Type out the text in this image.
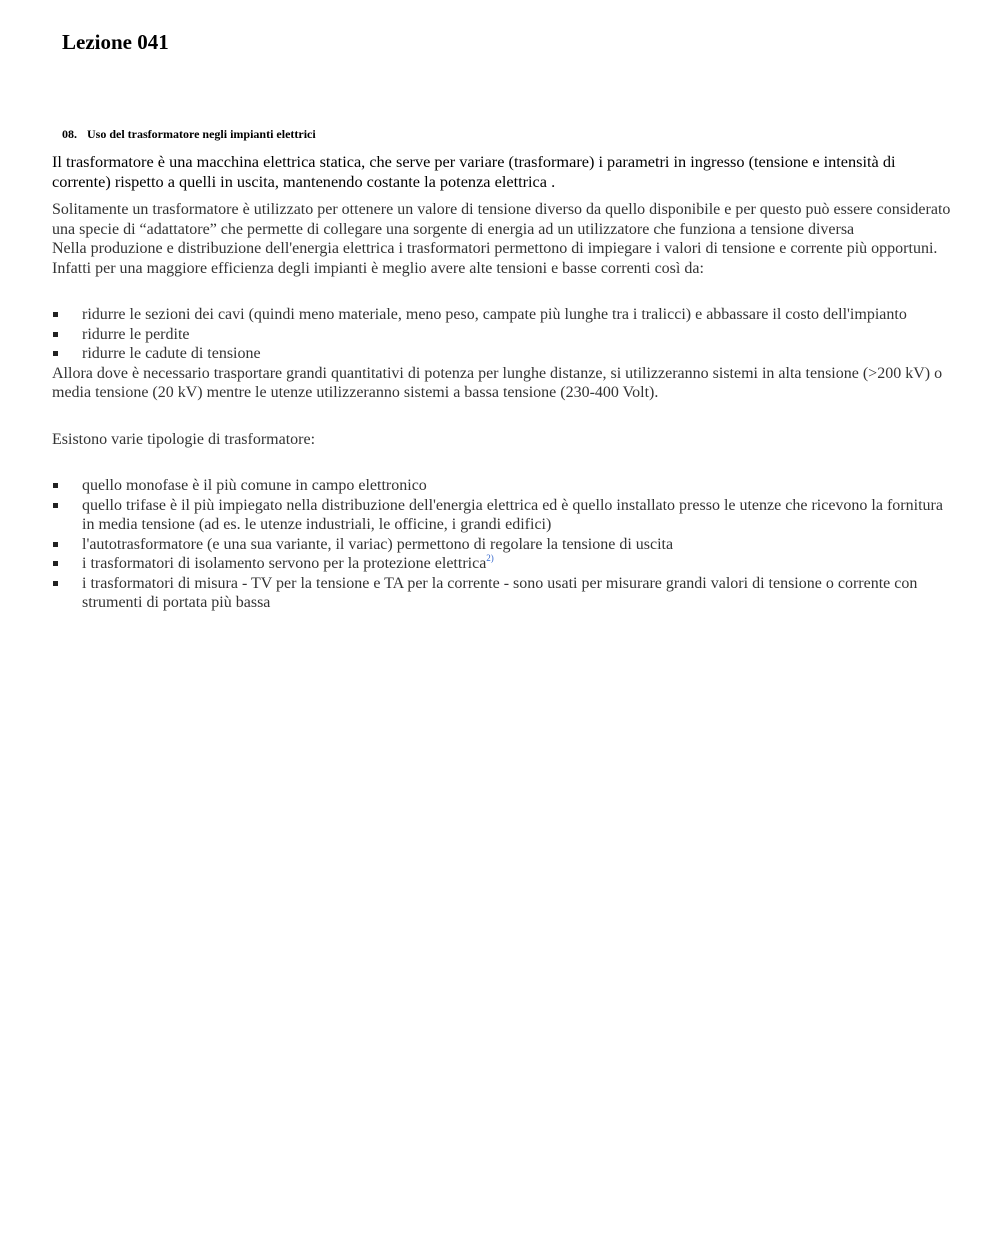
Lezione 041
08. Uso del trasformatore negli impianti elettrici

Il trasformatore è una macchina elettrica statica, che serve per variare (trasformare) i parametri in ingresso (tensione e intensità di corrente) rispetto a quelli in uscita, mantenendo costante la potenza elettrica .

Solitamente un trasformatore è utilizzato per ottenere un valore di tensione diverso da quello disponibile e per questo può essere considerato una specie di “adattatore” che permette di collegare una sorgente di energia ad un utilizzatore che funziona a tensione diversa

Nella produzione e distribuzione dell'energia elettrica i trasformatori permettono di impiegare i valori di tensione e corrente più opportuni. Infatti per una maggiore efficienza degli impianti è meglio avere alte tensioni e basse correnti così da:

ridurre le sezioni dei cavi (quindi meno materiale, meno peso, campate più lunghe tra i tralicci) e abbassare il costo dell'impianto
ridurre le perdite
ridurre le cadute di tensione

Allora dove è necessario trasportare grandi quantitativi di potenza per lunghe distanze, si utilizzeranno sistemi in alta tensione (>200 kV) o media tensione (20 kV) mentre le utenze utilizzeranno sistemi a bassa tensione (230-400 Volt).

Esistono varie tipologie di trasformatore:

quello monofase è il più comune in campo elettronico
quello trifase è il più impiegato nella distribuzione dell'energia elettrica ed è quello installato presso le utenze che ricevono la fornitura in media tensione (ad es. le utenze industriali, le officine, i grandi edifici)
l'autotrasformatore (e una sua variante, il variac) permettono di regolare la tensione di uscita
i trasformatori di isolamento servono per la protezione elettrica$^{2)}$
i trasformatori di misura - TV per la tensione e TA per la corrente - sono usati per misurare grandi valori di tensione o corrente con strumenti di portata più bassa
